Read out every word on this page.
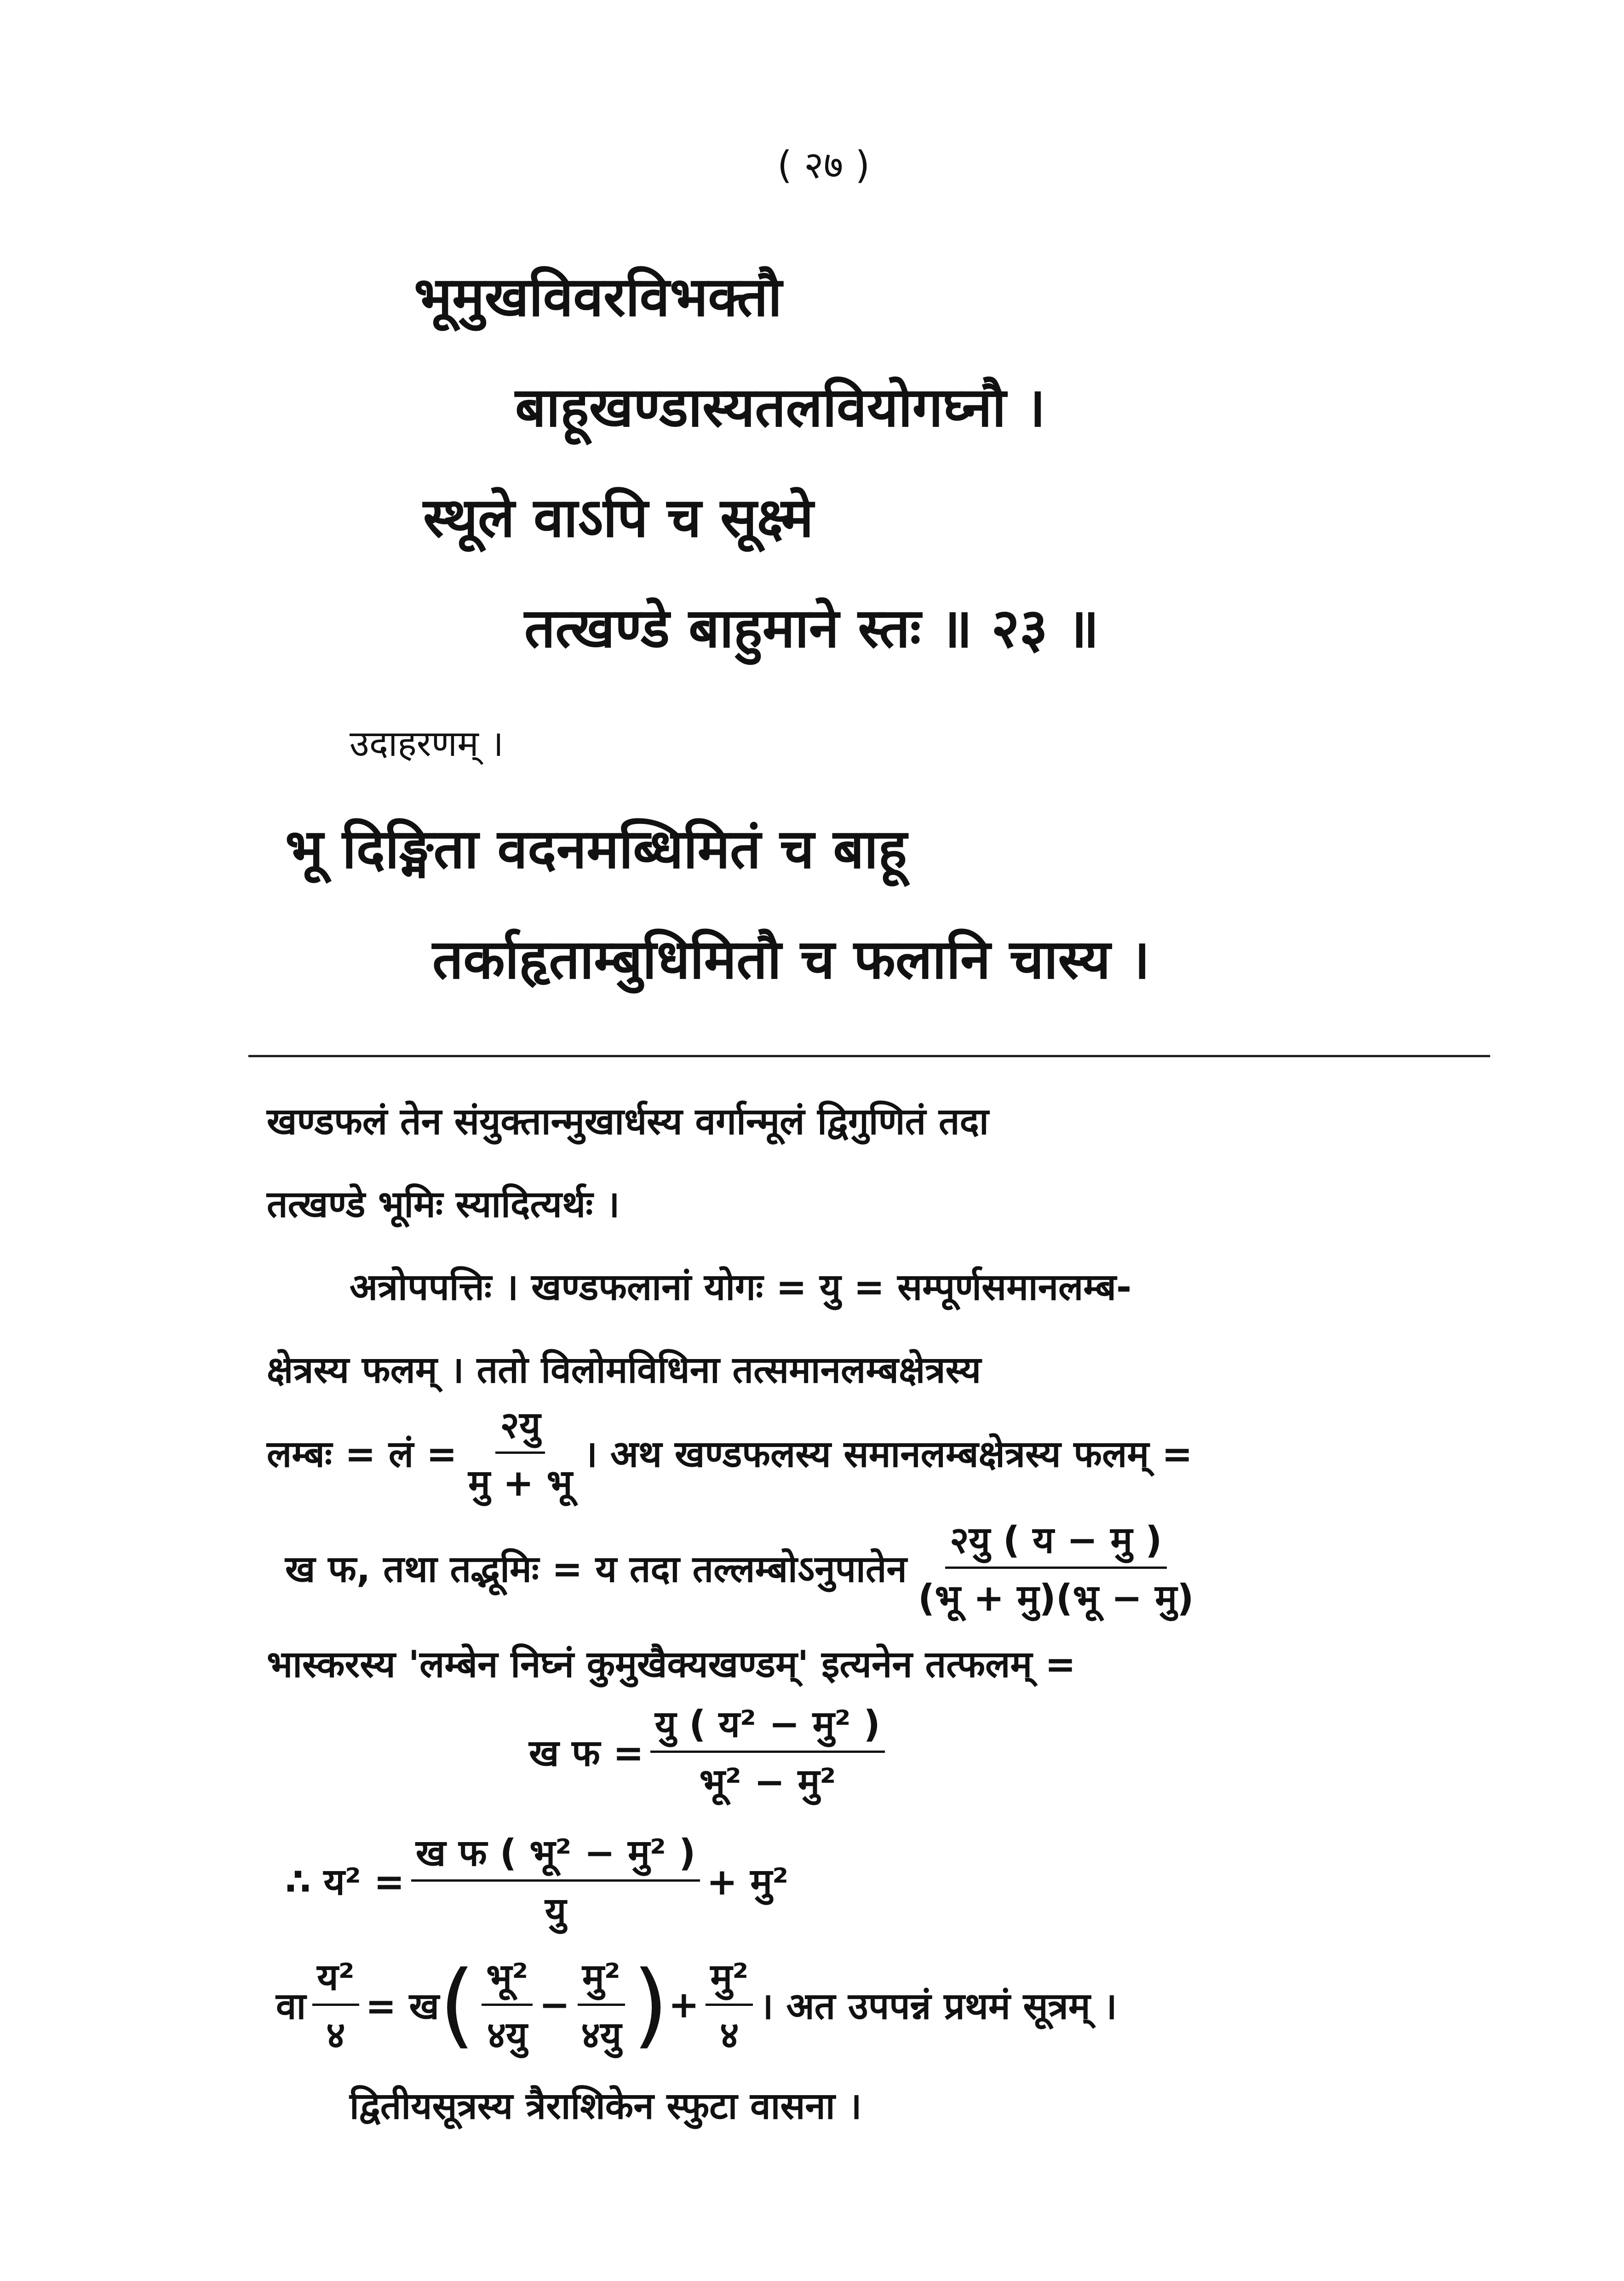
( २७ )
भूमुखविवरविभक्तौ
बाहूखण्डास्यतलवियोगघ्नौ ।
स्थूले वाऽपि च सूक्ष्मे
तत्खण्डे बाहुमाने स्तः ॥ २३ ॥
उदाहरणम् ।
भू दिङ्मिता वदनमब्धिमितं च बाहू
तर्काहृताम्बुधिमितौ च फलानि चास्य ।
खण्डफलं तेन संयुक्तान्मुखार्धस्य वर्गान्मूलं द्विगुणितं तदा
तत्खण्डे भूमिः स्यादित्यर्थः ।
अत्रोपपत्तिः । खण्डफलानां योगः = यु = सम्पूर्णसमानलम्ब-
क्षेत्रस्य फलम् । ततो विलोमविधिना तत्समानलम्बक्षेत्रस्य
लम्बः = लं = $\frac{\text{२यु}}{\text{मु + भू}}$ । अथ खण्डफलस्य समानलम्बक्षेत्रस्य फलम् =
ख फ, तथा तद्भूमिः = य तदा तल्लम्बोऽनुपातेन $\frac{\text{२यु ( य − मु )}}{\text{(भू + मु)(भू − मु)}}$
भास्करस्य 'लम्बेन निघ्नं कुमुखैक्यखण्डम्' इत्यनेन तत्फलम् =
ख फ = $\frac{\text{यु ( य² − मु² )}}{\text{भू² − मु²}}$
∴ य² = $\frac{\text{ख फ ( भू² − मु² )}}{\text{यु}}$ + मु²
वा $\frac{\text{य²}}{४}$ = ख ( $\frac{\text{भू²}}{\text{४यु}} - \frac{\text{मु²}}{\text{४यु}}$ ) + $\frac{\text{मु²}}{४}$ । अत उपपन्नं प्रथमं सूत्रम् ।
द्वितीयसूत्रस्य त्रैराशिकेन स्फुटा वासना ।
